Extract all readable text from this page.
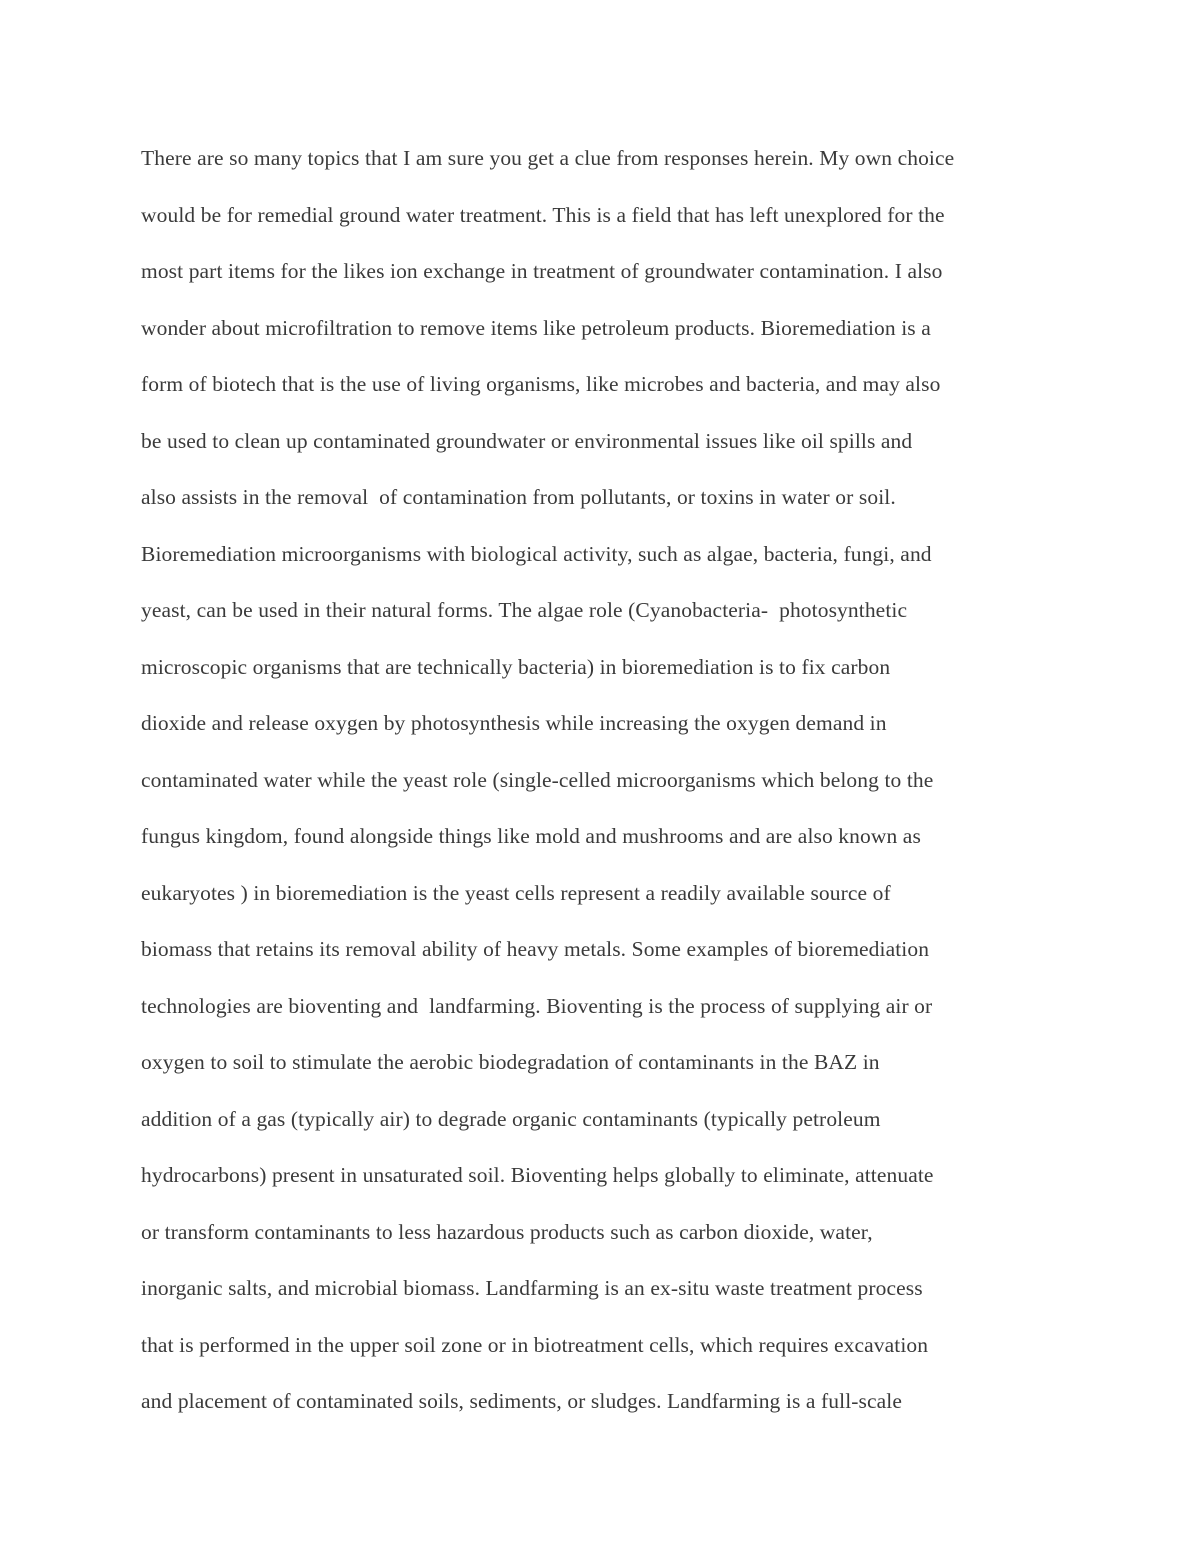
There are so many topics that I am sure you get a clue from responses herein. My own choice
would be for remedial ground water treatment. This is a field that has left unexplored for the
most part items for the likes ion exchange in treatment of groundwater contamination. I also
wonder about microfiltration to remove items like petroleum products. Bioremediation is a
form of biotech that is the use of living organisms, like microbes and bacteria, and may also
be used to clean up contaminated groundwater or environmental issues like oil spills and
also assists in the removal  of contamination from pollutants, or toxins in water or soil.
Bioremediation microorganisms with biological activity, such as algae, bacteria, fungi, and
yeast, can be used in their natural forms. The algae role (Cyanobacteria-  photosynthetic
microscopic organisms that are technically bacteria) in bioremediation is to fix carbon
dioxide and release oxygen by photosynthesis while increasing the oxygen demand in
contaminated water while the yeast role (single-celled microorganisms which belong to the
fungus kingdom, found alongside things like mold and mushrooms and are also known as
eukaryotes ) in bioremediation is the yeast cells represent a readily available source of
biomass that retains its removal ability of heavy metals. Some examples of bioremediation
technologies are bioventing and  landfarming. Bioventing is the process of supplying air or
oxygen to soil to stimulate the aerobic biodegradation of contaminants in the BAZ in
addition of a gas (typically air) to degrade organic contaminants (typically petroleum
hydrocarbons) present in unsaturated soil. Bioventing helps globally to eliminate, attenuate
or transform contaminants to less hazardous products such as carbon dioxide, water,
inorganic salts, and microbial biomass. Landfarming is an ex-situ waste treatment process
that is performed in the upper soil zone or in biotreatment cells, which requires excavation
and placement of contaminated soils, sediments, or sludges. Landfarming is a full-scale
